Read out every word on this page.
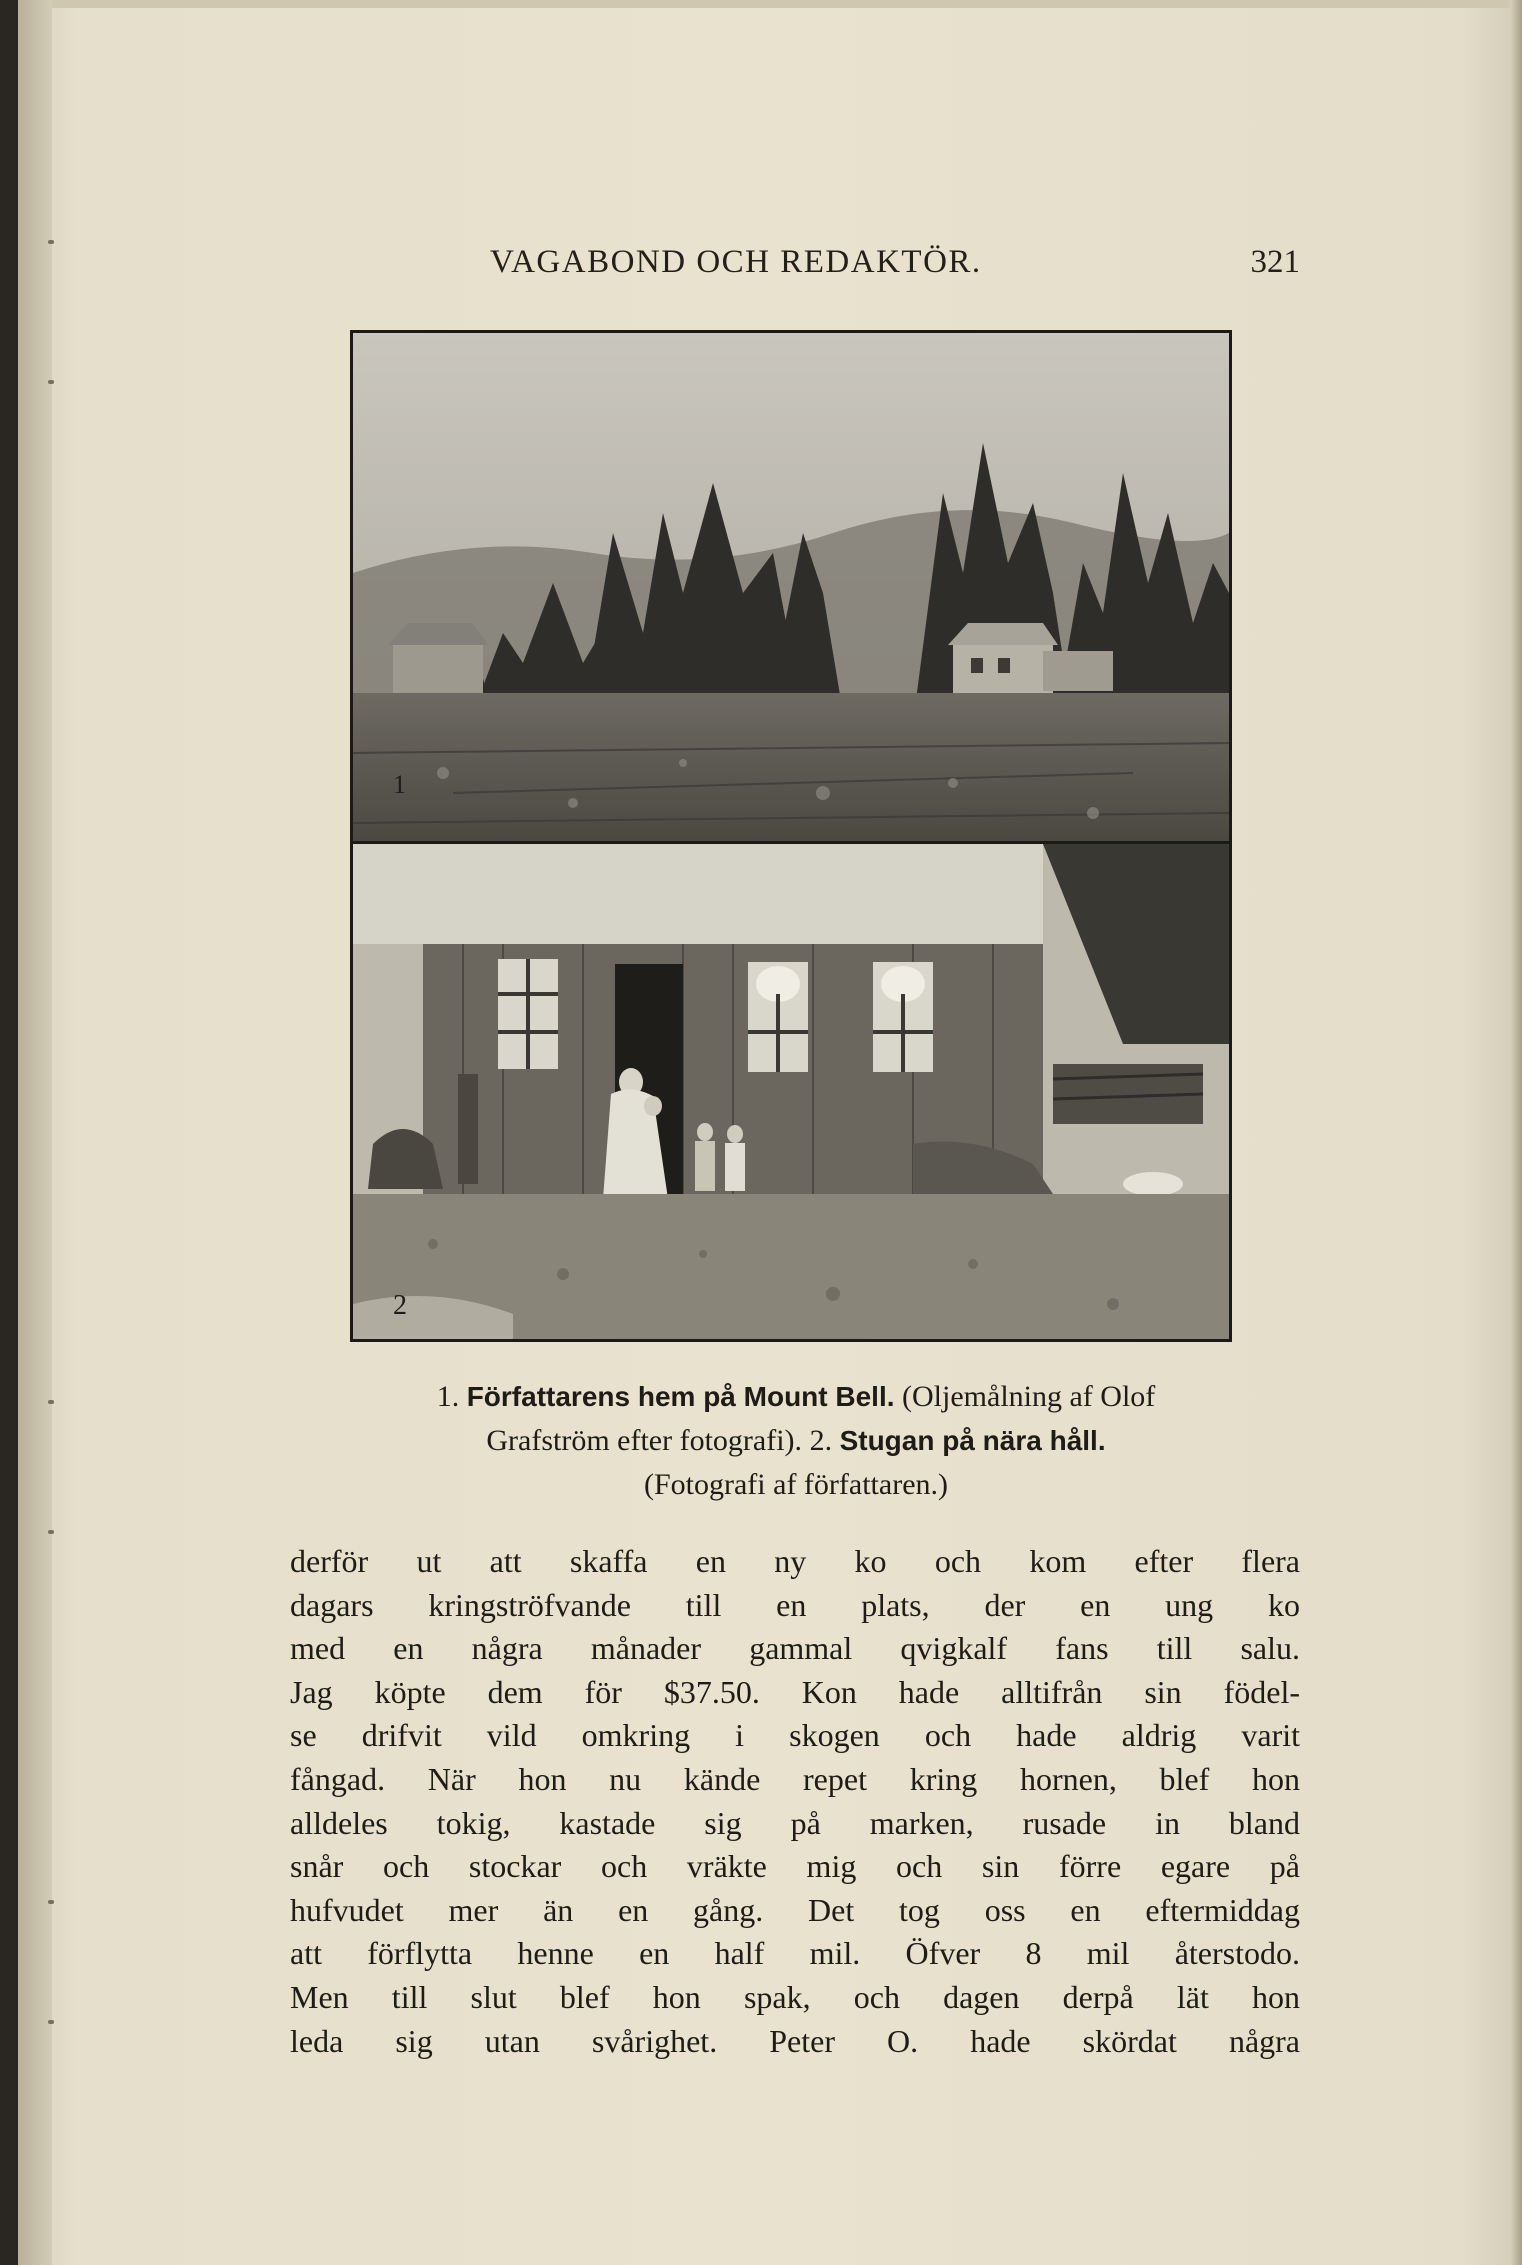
VAGABOND OCH REDAKTÖR.	321
1
2
1. Författarens hem på Mount Bell. (Oljemålning af Olof
Grafström efter fotografi). 2. Stugan på nära håll.
(Fotografi af författaren.)
derför ut att skaffa en ny ko och kom efter flera
dagars kringströfvande till en plats, der en ung ko
med en några månader gammal qvigkalf fans till salu.
Jag köpte dem för $37.50. Kon hade alltifrån sin födel-
se drifvit vild omkring i skogen och hade aldrig varit
fångad. När hon nu kände repet kring hornen, blef hon
alldeles tokig, kastade sig på marken, rusade in bland
snår och stockar och vräkte mig och sin förre egare på
hufvudet mer än en gång. Det tog oss en eftermiddag
att förflytta henne en half mil. Öfver 8 mil återstodo.
Men till slut blef hon spak, och dagen derpå lät hon
leda sig utan svårighet. Peter O. hade skördat några
